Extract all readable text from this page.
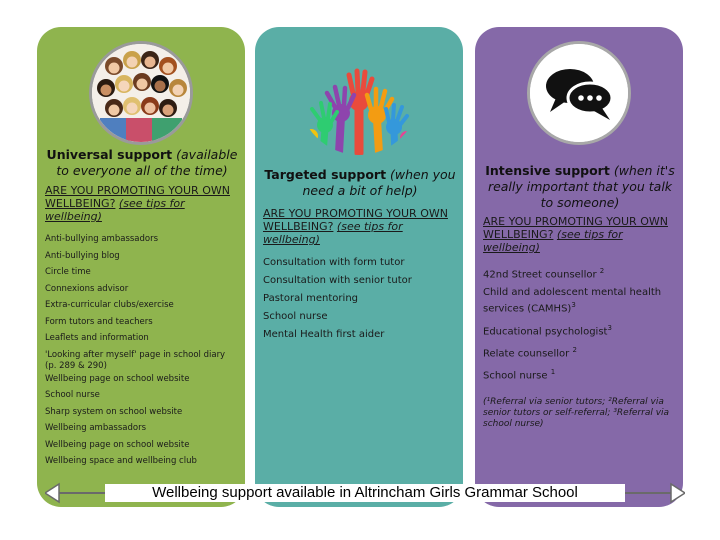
Universal support (available to everyone all of the time)
ARE YOU PROMOTING YOUR OWN WELLBEING? (see tips for wellbeing)
Anti-bullying ambassadors
Anti-bullying blog
Circle time
Connexions advisor
Extra-curricular clubs/exercise
Form tutors and teachers
Leaflets and information
'Looking after myself' page in school diary (p. 289 & 290)
Wellbeing page on school website
School nurse
Sharp system on school website
Wellbeing ambassadors
Wellbeing page on school website
Wellbeing space and wellbeing club
Targeted support (when you need a bit of help)
ARE YOU PROMOTING YOUR OWN WELLBEING? (see tips for wellbeing)
Consultation with form tutor
Consultation with senior tutor
Pastoral mentoring
School nurse
Mental Health first aider
Intensive support (when it's really important that you talk to someone)
ARE YOU PROMOTING YOUR OWN WELLBEING? (see tips for wellbeing)
42nd Street counsellor $^2$
Child and adolescent mental health services (CAMHS)$^3$
Educational psychologist$^3$
Relate counsellor $^2$
School nurse $^1$
(¹Referral via senior tutors; ²Referral via senior tutors or self-referral; ³Referral via school nurse)
Wellbeing support available in Altrincham Girls Grammar School
